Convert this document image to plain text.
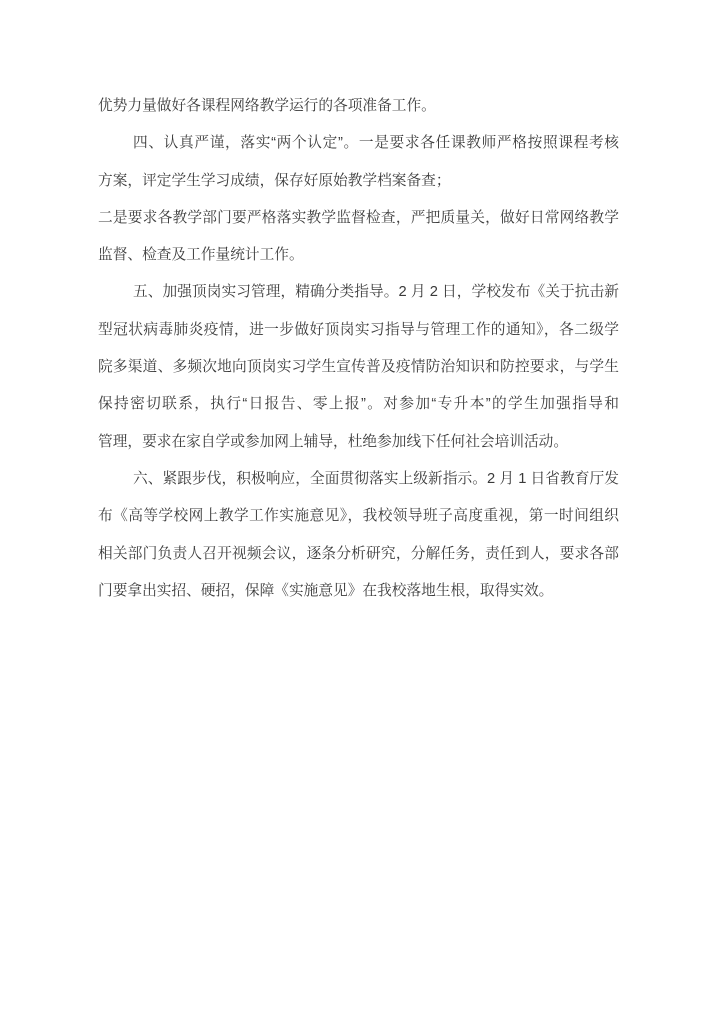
优势力量做好各课程网络教学运行的各项准备工作。
四、认真严谨，落实“两个认定”。一是要求各任课教师严格按照课程考核
方案，评定学生学习成绩，保存好原始教学档案备查；
二是要求各教学部门要严格落实教学监督检查，严把质量关，做好日常网络教学
监督、检查及工作量统计工作。
五、加强顶岗实习管理，精确分类指导。2 月 2 日，学校发布《关于抗击新
型冠状病毒肺炎疫情，进一步做好顶岗实习指导与管理工作的通知》，各二级学
院多渠道、多频次地向顶岗实习学生宣传普及疫情防治知识和防控要求，与学生
保持密切联系，执行“日报告、零上报”。对参加“专升本”的学生加强指导和
管理，要求在家自学或参加网上辅导，杜绝参加线下任何社会培训活动。
六、紧跟步伐，积极响应，全面贯彻落实上级新指示。2 月 1 日省教育厅发
布《高等学校网上教学工作实施意见》，我校领导班子高度重视，第一时间组织
相关部门负责人召开视频会议，逐条分析研究，分解任务，责任到人，要求各部
门要拿出实招、硬招，保障《实施意见》在我校落地生根，取得实效。
